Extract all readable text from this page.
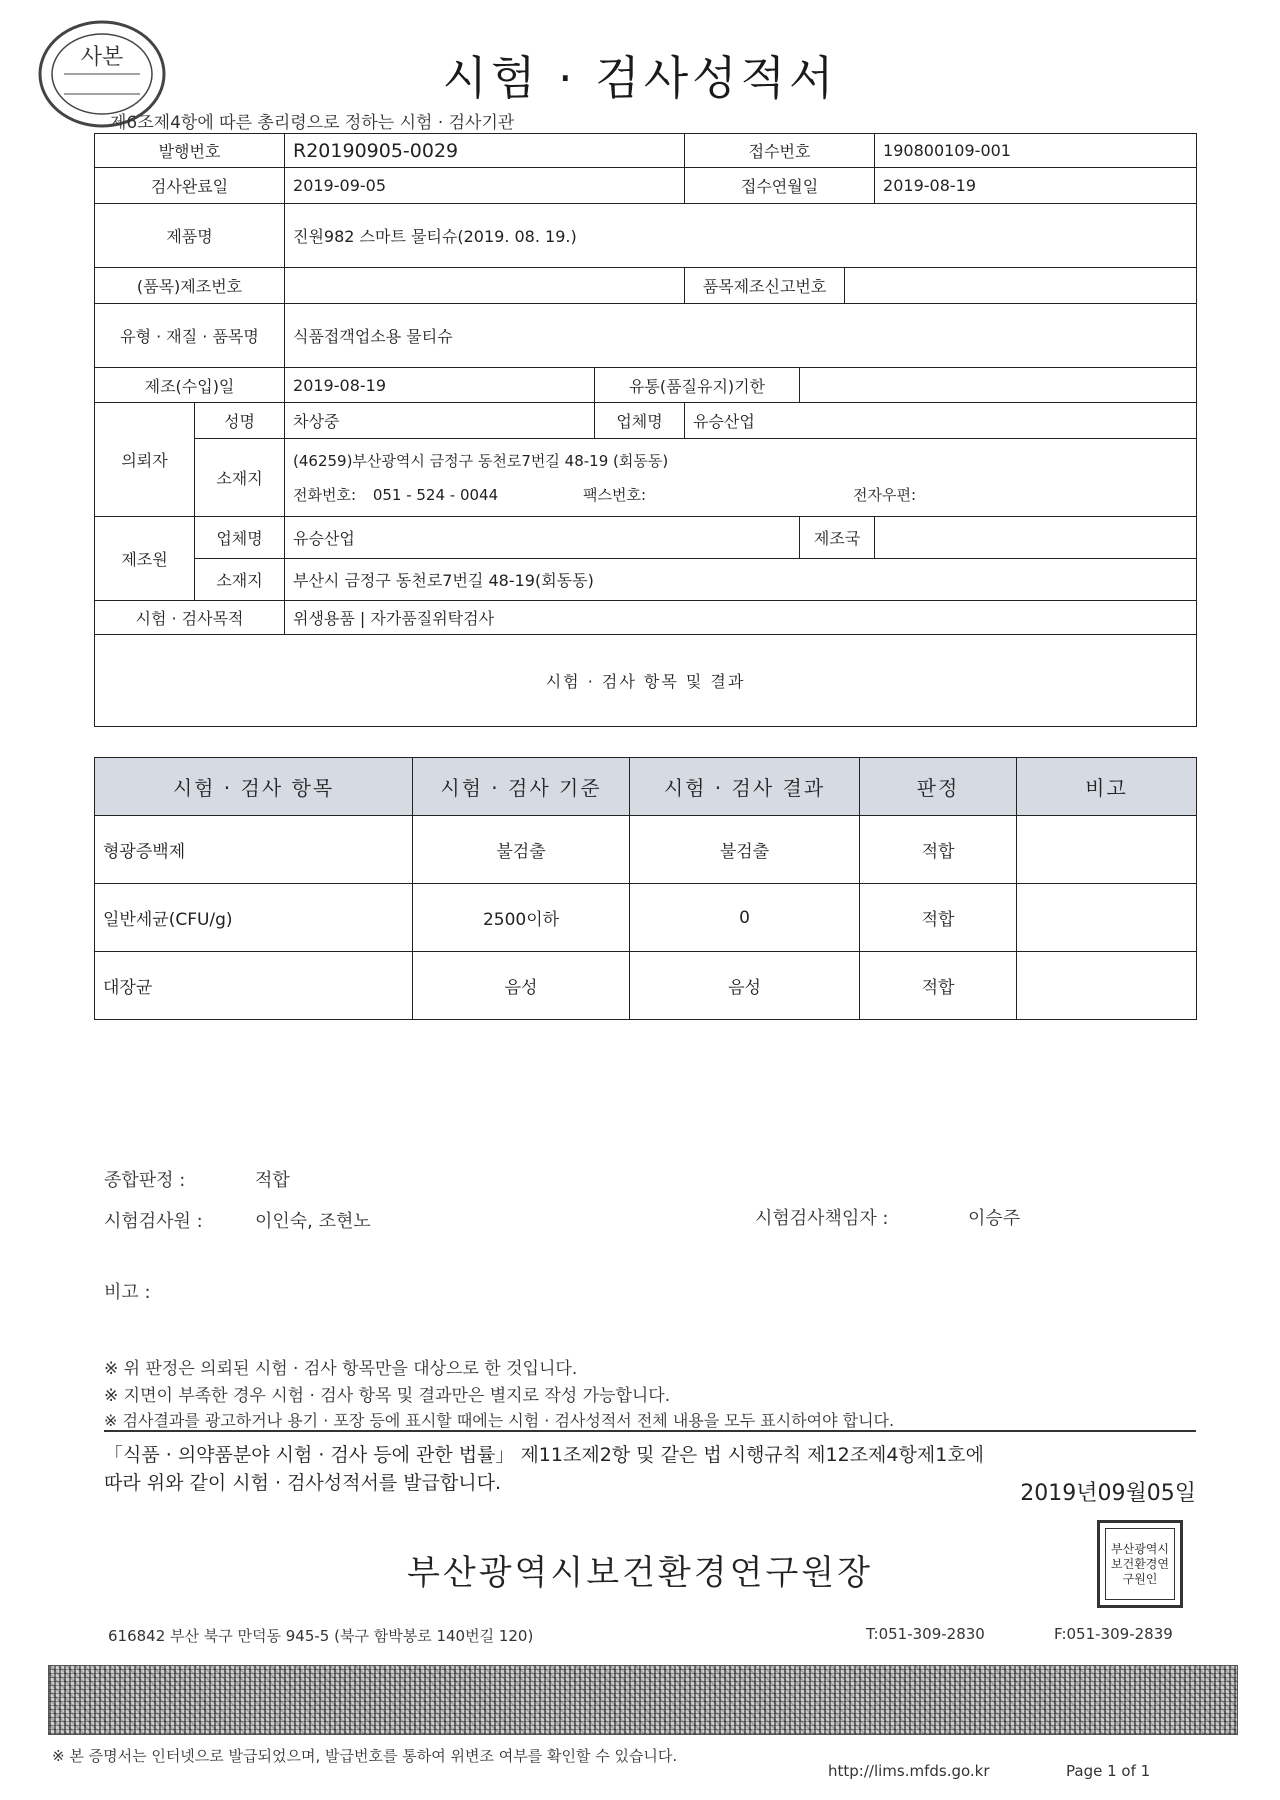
사본	시험 · 검사성적서
제6조제4항에 따른 총리령으로 정하는 시험 · 검사기관
발행번호		R20190905-0029		접수번호			190800109-001
검사완료일		2019-09-05		접수연월일			2019-08-19
제품명		진원982 스마트 물티슈(2019. 08. 19.)					
(품목)제조번호				품목제조신고번호			
유형 · 재질 · 품목명		식품접객업소용 물티슈					
제조(수입)일		2019-08-19	유통(품질유지)기한				
의뢰자	성명	차상중	업체명	유승산업			
	소재지	(46259)부산광역시 금정구 동천로7번길 48-19 (회동동)
전화번호: 051 - 524 - 0044 팩스번호: 전자우편:					

제조원	업체명	유승산업			제조국		
	소재지	부산시 금정구 동천로7번길 48-19(회동동)					
시험 · 검사목적		위생용품 | 자가품질위탁검사					
시험 · 검사 항목 및 결과							
시험 · 검사 항목	시험 · 검사 기준	시험 · 검사 결과	판정	비고
형광증백제	불검출	불검출	적합	
일반세균(CFU/g)	2500이하	0	적합	
대장균	음성	음성	적합	
종합판정 :	적합
시험검사원 :	이인숙, 조현노	시험검사책임자 :	이승주
비고 :
※ 위 판정은 의뢰된 시험 · 검사 항목만을 대상으로 한 것입니다.
※ 지면이 부족한 경우 시험 · 검사 항목 및 결과만은 별지로 작성 가능합니다.
※ 검사결과를 광고하거나 용기 · 포장 등에 표시할 때에는 시험 · 검사성적서 전체 내용을 모두 표시하여야 합니다.
「식품 · 의약품분야 시험 · 검사 등에 관한 법률」 제11조제2항 및 같은 법 시행규칙 제12조제4항제1호에
따라 위와 같이 시험 · 검사성적서를 발급합니다.	2019년09월05일
부산광역시보건환경연구원장
부산광역시보건환경연구원인
616842 부산 북구 만덕동 945-5 (북구 함박봉로 140번길 120)	T:051-309-2830	F:051-309-2839
※ 본 증명서는 인터넷으로 발급되었으며, 발급번호를 통하여 위변조 여부를 확인할 수 있습니다.
http://lims.mfds.go.kr	Page 1 of 1
